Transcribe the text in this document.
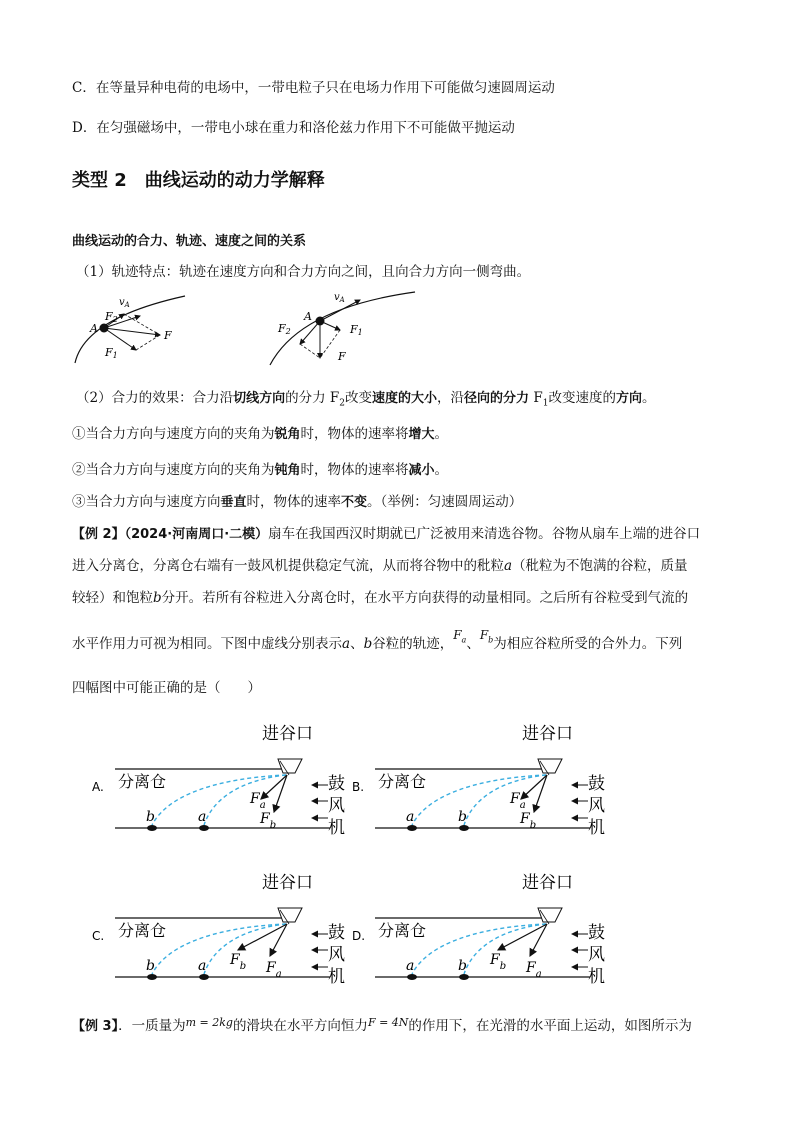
C．在等量异种电荷的电场中，一带电粒子只在电场力作用下可能做匀速圆周运动
D．在匀强磁场中，一带电小球在重力和洛伦兹力作用下不可能做平抛运动
类型 2 曲线运动的动力学解释
曲线运动的合力、轨迹、速度之间的关系
（1）轨迹特点：轨迹在速度方向和合力方向之间，且向合力方向一侧弯曲。
$v_A$
F2
A
F
F1
$v_A$
A
F2	F1
F
（2）合力的效果：合力沿切线方向的分力 $F_2$改变速度的大小，沿径向的分力 $F_1$改变速度的方向。
①当合力方向与速度方向的夹角为锐角时，物体的速率将增大。
②当合力方向与速度方向的夹角为钝角时，物体的速率将减小。
③当合力方向与速度方向垂直时，物体的速率不变。（举例：匀速圆周运动）
【例 2】（2024·河南周口·二模）扇车在我国西汉时期就已广泛被用来清选谷物。谷物从扇车上端的进谷口
进入分离仓，分离仓右端有一鼓风机提供稳定气流，从而将谷物中的秕粒a（秕粒为不饱满的谷粒，质量
较轻）和饱粒b分开。若所有谷粒进入分离仓时，在水平方向获得的动量相同。之后所有谷粒受到气流的
水平作用力可视为相同。下图中虚线分别表示a、b谷粒的轨迹，$F_a$、$F_b$为相应谷粒所受的合外力。下列
四幅图中可能正确的是（　　）
进谷口
分离仓	鼓
风
机
b	a
$F_a$
$F_b$
A.
进谷口
分离仓	鼓
风
机
a	b
$F_a$
$F_b$
B.
进谷口
分离仓	鼓
风
机
b	a $F_b$ $F_a$
C.
进谷口
分离仓	鼓
风
机
a	b $F_b$ $F_a$
D.
【例 3】．一质量为$^{m = 2kg}$的滑块在水平方向恒力$^{F = 4N}$的作用下，在光滑的水平面上运动，如图所示为
